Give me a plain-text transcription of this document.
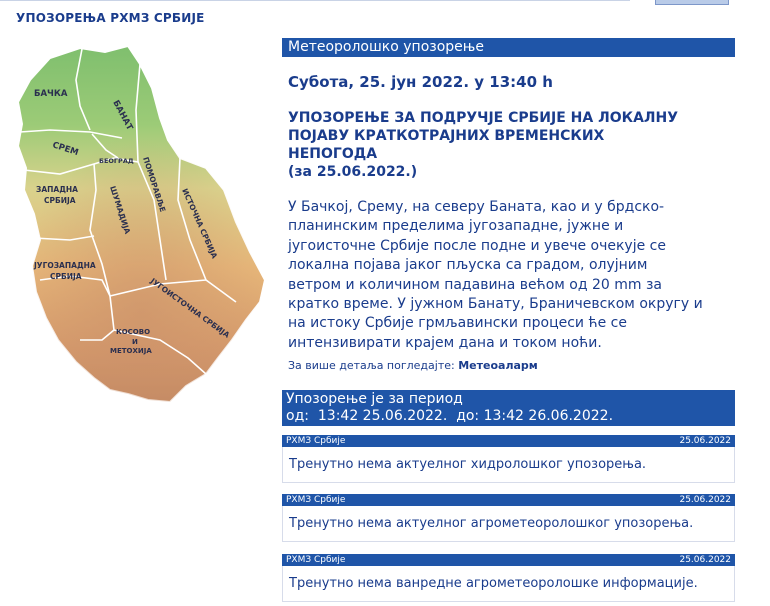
УПОЗОРЕЊА РХМЗ СРБИЈЕ
БАЧКА
БАНАТ
СРЕМ
БЕОГРАД
ЗАПАДНА
СРБИЈА	ШУМАДИЈА ПОМОРАВЉЕ
ИСТОЧНА СРБИЈА
ЈУГОЗАПАДНА
СРБИЈА	ЈУГОИСТОЧНА СРБИЈА
КОСОВО
И
МЕТОХИЈА
Метеоролошко упозорење
Субота, 25. јун 2022. у 13:40 h
УПОЗОРЕЊЕ ЗА ПОДРУЧЈЕ СРБИЈЕ НА ЛОКАЛНУ
ПОЈАВУ КРАТКОТРАЈНИХ ВРЕМЕНСКИХ
НЕПОГОДА
(за 25.06.2022.)
У Бачкој, Срему, на северу Баната, као и у брдско-
планинским пределима југозападне, јужне и
југоисточне Србије после подне и увече очекује се
локална појава јаког пљуска са градом, олујним
ветром и количином падавина већом од 20 mm за
кратко време. У јужном Банату, Браничевском округу и
на истоку Србије грмљавински процеси ће се
интензивирати крајем дана и током ноћи.
За више детаља погледајте: Метеоаларм
Упозорење је за период
од: 13:42 25.06.2022. до: 13:42 26.06.2022.
РХМЗ Србије	25.06.2022
Тренутно нема актуелног хидролошког упозорења.
РХМЗ Србије	25.06.2022
Тренутно нема актуелног агрометеоролошког упозорења.
РХМЗ Србије	25.06.2022
Тренутно нема ванредне агрометеоролошке информације.
